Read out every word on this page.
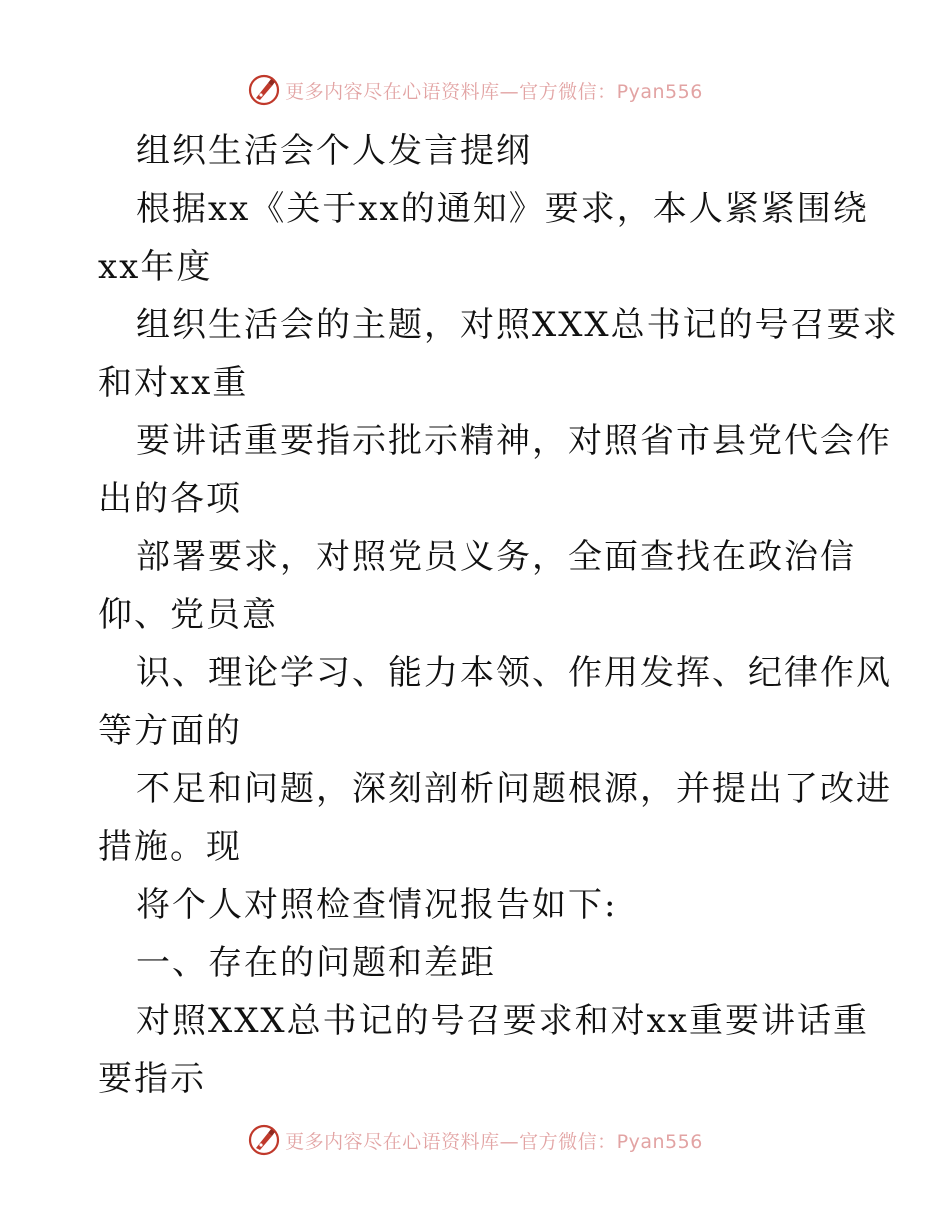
更多内容尽在心语资料库—官方微信：Pyan556
组织生活会个人发言提纲
根据xx《关于xx的通知》要求，本人紧紧围绕
xx年度
组织生活会的主题，对照XXX总书记的号召要求
和对xx重
要讲话重要指示批示精神，对照省市县党代会作
出的各项
部署要求，对照党员义务，全面查找在政治信
仰、党员意
识、理论学习、能力本领、作用发挥、纪律作风
等方面的
不足和问题，深刻剖析问题根源，并提出了改进
措施。现
将个人对照检查情况报告如下:
一、存在的问题和差距
对照XXX总书记的号召要求和对xx重要讲话重
要指示
更多内容尽在心语资料库—官方微信：Pyan556
